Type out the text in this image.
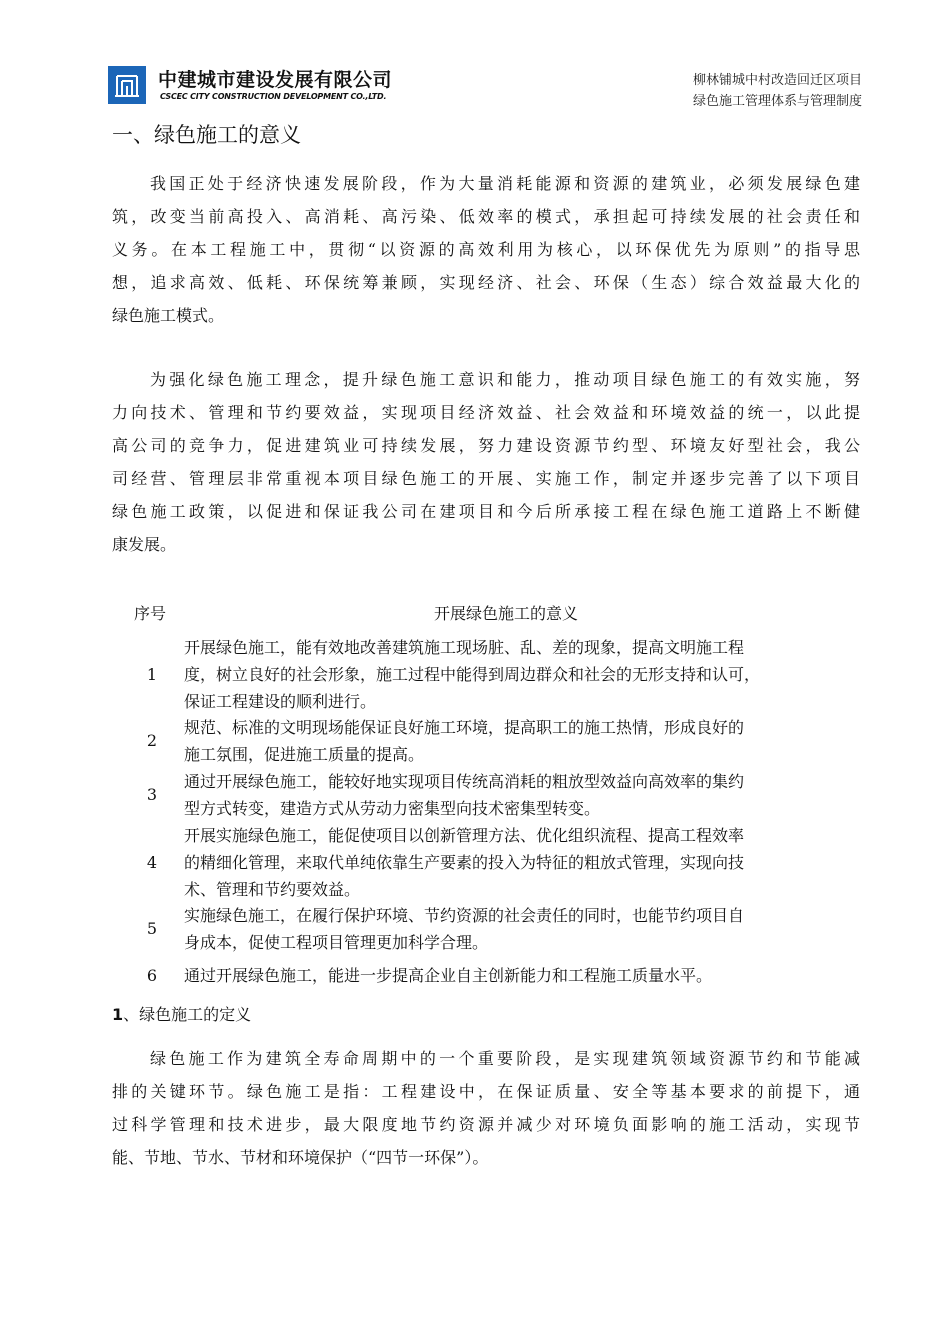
中建城市建设发展有限公司
CSCEC CITY CONSTRUCTION DEVELOPMENT CO.,LTD.
柳林铺城中村改造回迁区项目
绿色施工管理体系与管理制度
一、绿色施工的意义
我国正处于经济快速发展阶段，作为大量消耗能源和资源的建筑业，必须发展绿色建
筑，改变当前高投入、高消耗、高污染、低效率的模式，承担起可持续发展的社会责任和
义务。在本工程施工中，贯彻“以资源的高效利用为核心，以环保优先为原则”的指导思
想，追求高效、低耗、环保统筹兼顾，实现经济、社会、环保（生态）综合效益最大化的
绿色施工模式。
为强化绿色施工理念，提升绿色施工意识和能力，推动项目绿色施工的有效实施，努
力向技术、管理和节约要效益，实现项目经济效益、社会效益和环境效益的统一，以此提
高公司的竞争力，促进建筑业可持续发展，努力建设资源节约型、环境友好型社会，我公
司经营、管理层非常重视本项目绿色施工的开展、实施工作，制定并逐步完善了以下项目
绿色施工政策，以促进和保证我公司在建项目和今后所承接工程在绿色施工道路上不断健
康发展。
序号	开展绿色施工的意义
1
开展绿色施工，能有效地改善建筑施工现场脏、乱、差的现象，提高文明施工程
度，树立良好的社会形象，施工过程中能得到周边群众和社会的无形支持和认可，
保证工程建设的顺利进行。
2
规范、标准的文明现场能保证良好施工环境，提高职工的施工热情，形成良好的
施工氛围，促进施工质量的提高。
3
通过开展绿色施工，能较好地实现项目传统高消耗的粗放型效益向高效率的集约
型方式转变，建造方式从劳动力密集型向技术密集型转变。
4
开展实施绿色施工，能促使项目以创新管理方法、优化组织流程、提高工程效率
的精细化管理，来取代单纯依靠生产要素的投入为特征的粗放式管理，实现向技
术、管理和节约要效益。
5
实施绿色施工，在履行保护环境、节约资源的社会责任的同时，也能节约项目自
身成本，促使工程项目管理更加科学合理。
6 通过开展绿色施工，能进一步提高企业自主创新能力和工程施工质量水平。
1、绿色施工的定义
绿色施工作为建筑全寿命周期中的一个重要阶段，是实现建筑领域资源节约和节能减
排的关键环节。绿色施工是指：工程建设中，在保证质量、安全等基本要求的前提下，通
过科学管理和技术进步，最大限度地节约资源并减少对环境负面影响的施工活动，实现节
能、节地、节水、节材和环境保护（“四节一环保”）。
